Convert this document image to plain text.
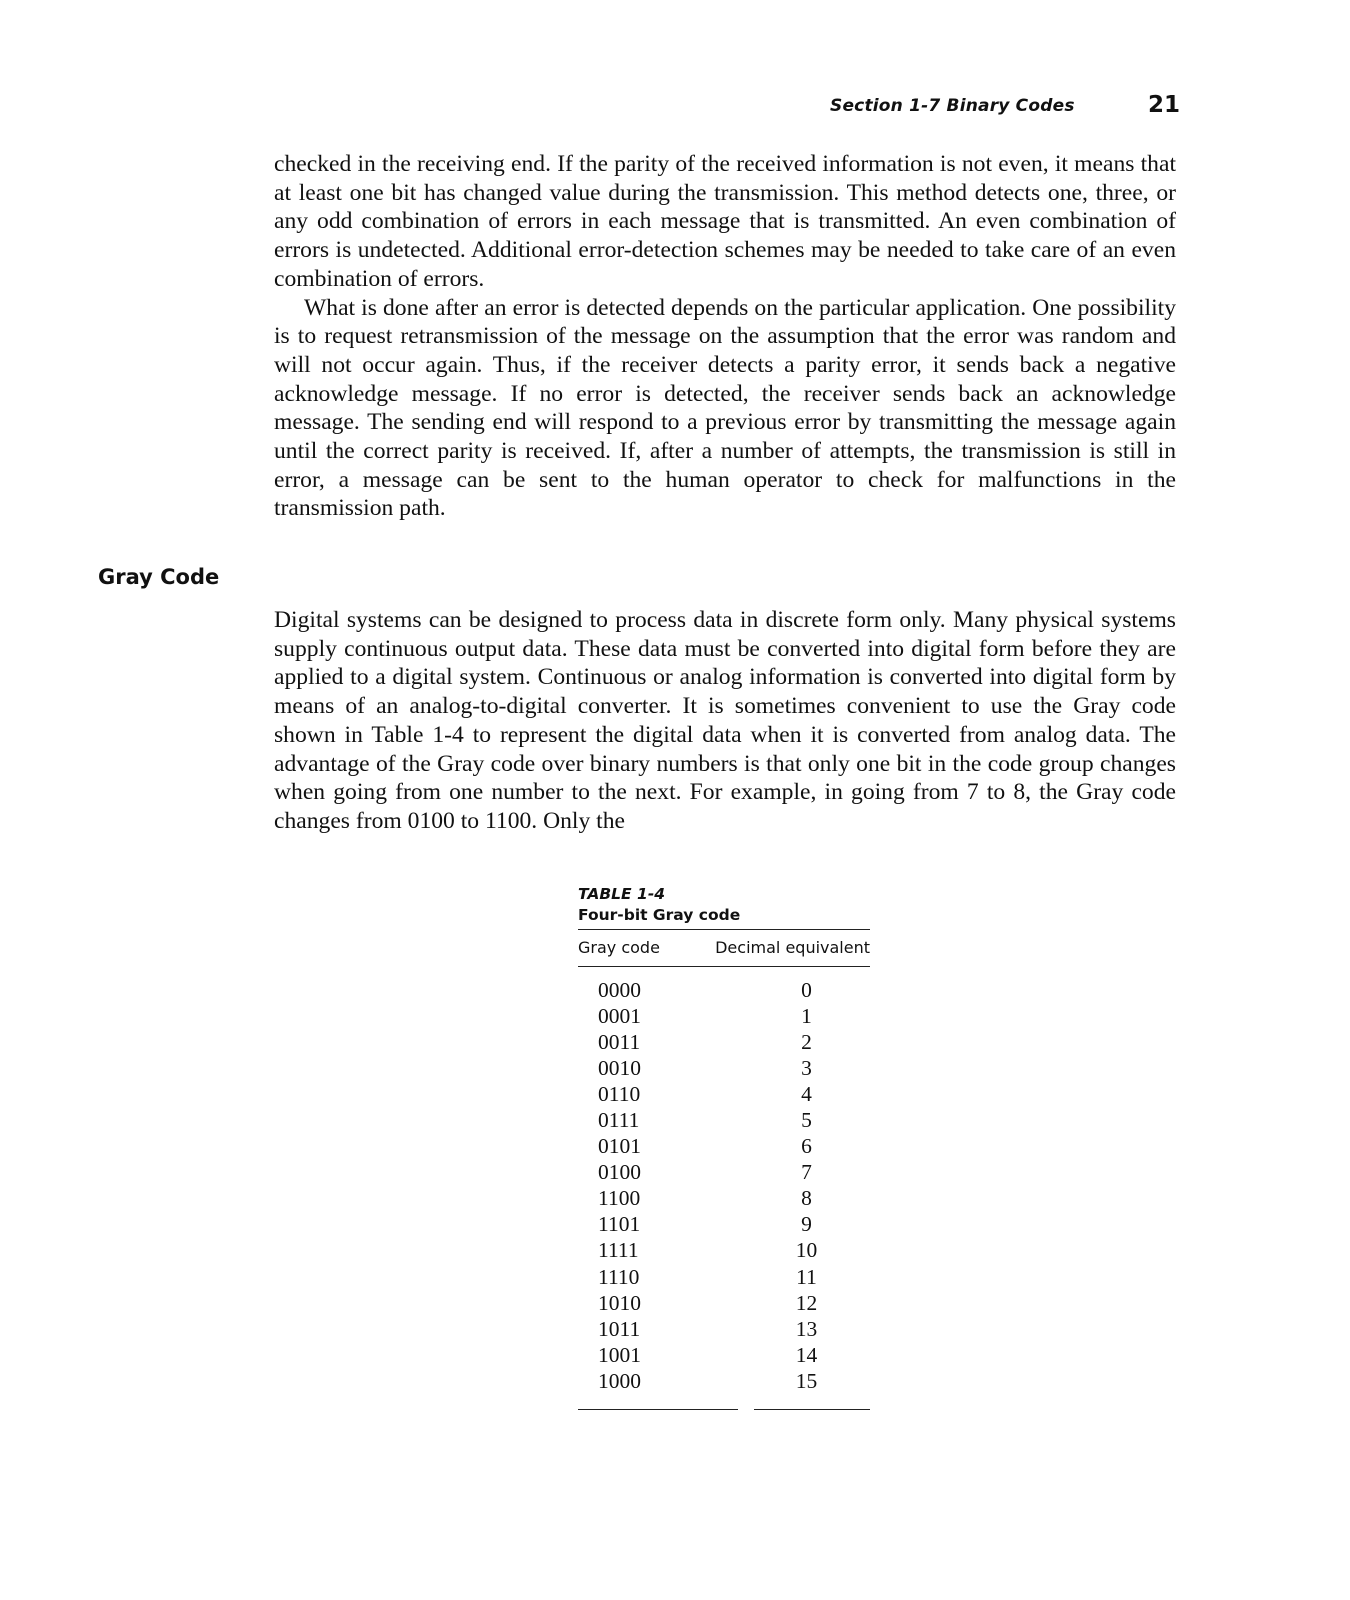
Section 1-7 Binary Codes	21

checked in the receiving end. If the parity of the received information is not even, it means that at least one bit has changed value during the transmission. This method detects one, three, or any odd combination of errors in each message that is transmitted. An even combination of errors is undetected. Additional error-detection schemes may be needed to take care of an even combination of errors.

What is done after an error is detected depends on the particular application. One possibility is to request retransmission of the message on the assumption that the error was random and will not occur again. Thus, if the receiver detects a parity error, it sends back a negative acknowledge message. If no error is detected, the receiver sends back an acknowledge message. The sending end will respond to a previous error by transmitting the message again until the correct parity is received. If, after a number of attempts, the transmission is still in error, a message can be sent to the human operator to check for malfunctions in the transmission path.

Gray Code

Digital systems can be designed to process data in discrete form only. Many physical systems supply continuous output data. These data must be converted into digital form before they are applied to a digital system. Continuous or analog information is converted into digital form by means of an analog-to-digital converter. It is sometimes convenient to use the Gray code shown in Table 1-4 to represent the digital data when it is converted from analog data. The advantage of the Gray code over binary numbers is that only one bit in the code group changes when going from one number to the next. For example, in going from 7 to 8, the Gray code changes from 0100 to 1100. Only the

TABLE 1-4
Four-bit Gray code
Gray code	Decimal equivalent
0000	0
0001	1
0011	2
0010	3
0110	4
0111	5
0101	6
0100	7
1100	8
1101	9
1111	10
1110	11
1010	12
1011	13
1001	14
1000	15
